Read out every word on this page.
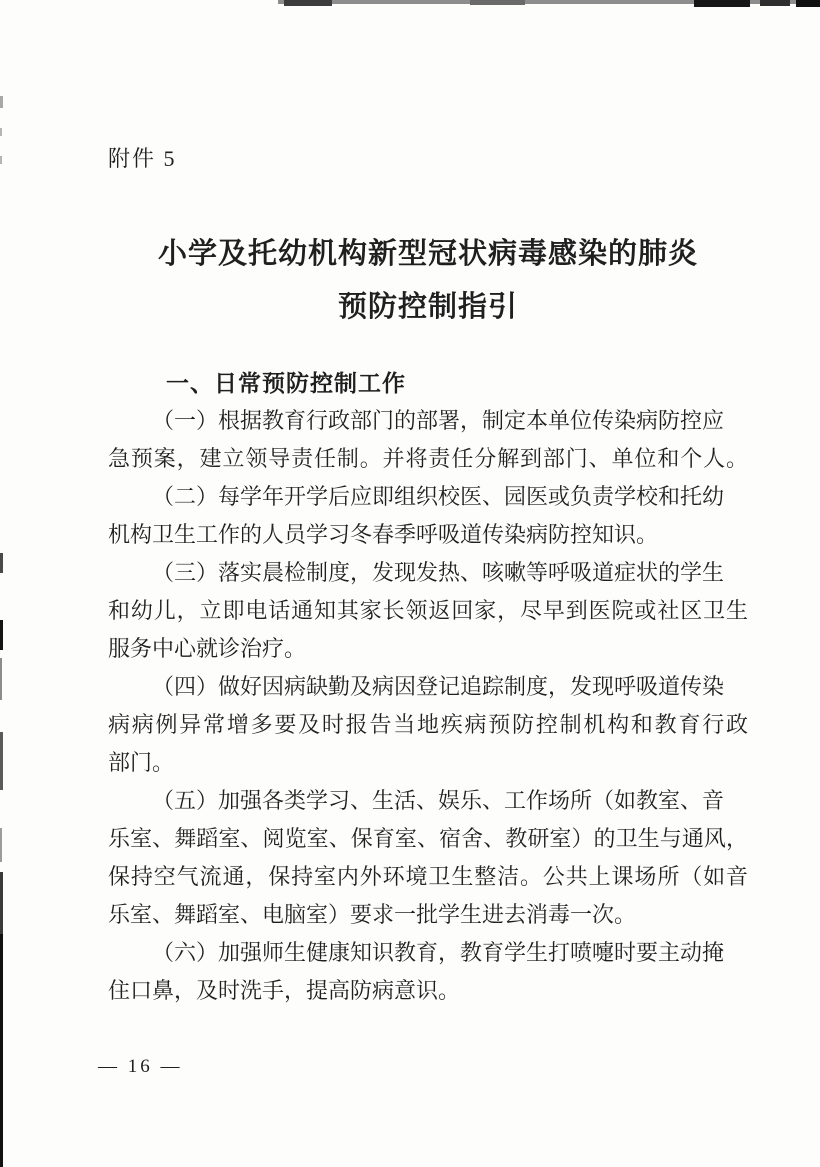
附件 5
小学及托幼机构新型冠状病毒感染的肺炎
预防控制指引
一、日常预防控制工作

（一）根据教育行政部门的部署，制定本单位传染病防控应
急预案，建立领导责任制。并将责任分解到部门、单位和个人。

（二）每学年开学后应即组织校医、园医或负责学校和托幼
机构卫生工作的人员学习冬春季呼吸道传染病防控知识。

（三）落实晨检制度，发现发热、咳嗽等呼吸道症状的学生
和幼儿，立即电话通知其家长领返回家，尽早到医院或社区卫生
服务中心就诊治疗。

（四）做好因病缺勤及病因登记追踪制度，发现呼吸道传染
病病例异常增多要及时报告当地疾病预防控制机构和教育行政
部门。

（五）加强各类学习、生活、娱乐、工作场所（如教室、音
乐室、舞蹈室、阅览室、保育室、宿舍、教研室）的卫生与通风，
保持空气流通，保持室内外环境卫生整洁。公共上课场所（如音
乐室、舞蹈室、电脑室）要求一批学生进去消毒一次。

（六）加强师生健康知识教育，教育学生打喷嚏时要主动掩
住口鼻，及时洗手，提高防病意识。

— 16 —
